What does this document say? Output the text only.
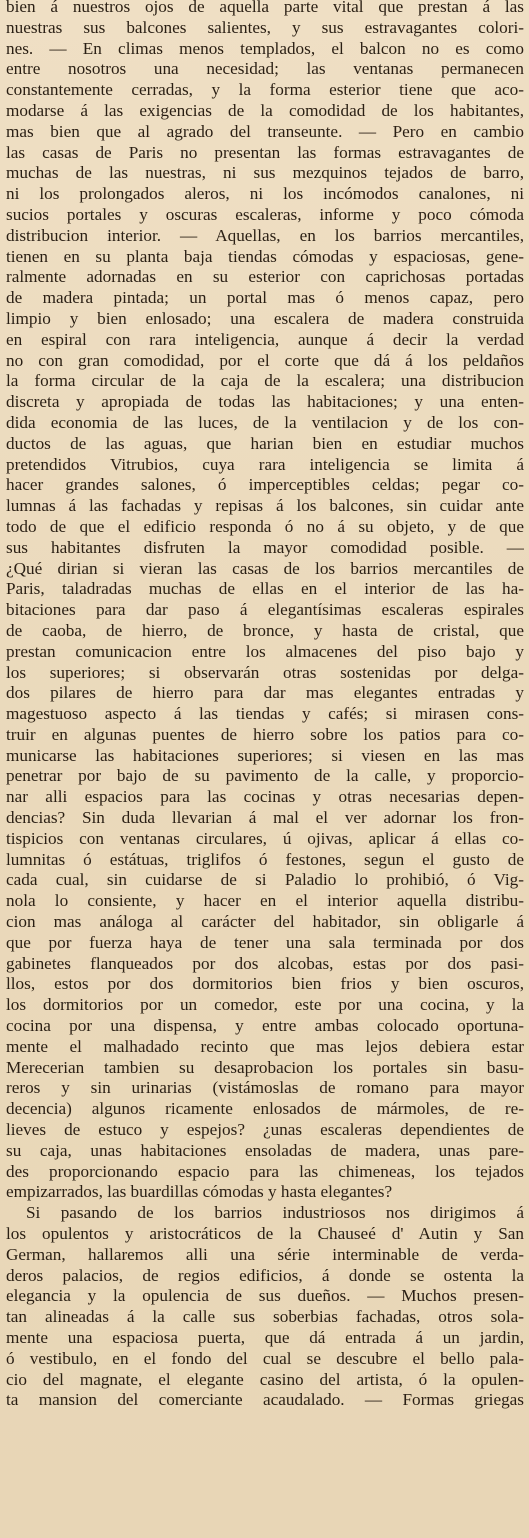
bien á nuestros ojos de aquella parte vital que prestan á las
nuestras sus balcones salientes, y sus estravagantes colori-
nes. — En climas menos templados, el balcon no es como
entre nosotros una necesidad; las ventanas permanecen
constantemente cerradas, y la forma esterior tiene que aco-
modarse á las exigencias de la comodidad de los habitantes,
mas bien que al agrado del transeunte. — Pero en cambio
las casas de Paris no presentan las formas estravagantes de
muchas de las nuestras, ni sus mezquinos tejados de barro,
ni los prolongados aleros, ni los incómodos canalones, ni
sucios portales y oscuras escaleras, informe y poco cómoda
distribucion interior. — Aquellas, en los barrios mercantiles,
tienen en su planta baja tiendas cómodas y espaciosas, gene-
ralmente adornadas en su esterior con caprichosas portadas
de madera pintada; un portal mas ó menos capaz, pero
limpio y bien enlosado; una escalera de madera construida
en espiral con rara inteligencia, aunque á decir la verdad
no con gran comodidad, por el corte que dá á los peldaños
la forma circular de la caja de la escalera; una distribucion
discreta y apropiada de todas las habitaciones; y una enten-
dida economia de las luces, de la ventilacion y de los con-
ductos de las aguas, que harian bien en estudiar muchos
pretendidos Vitrubios, cuya rara inteligencia se limita á
hacer grandes salones, ó imperceptibles celdas; pegar co-
lumnas á las fachadas y repisas á los balcones, sin cuidar ante
todo de que el edificio responda ó no á su objeto, y de que
sus habitantes disfruten la mayor comodidad posible. —
¿Qué dirian si vieran las casas de los barrios mercantiles de
Paris, taladradas muchas de ellas en el interior de las ha-
bitaciones para dar paso á elegantísimas escaleras espirales
de caoba, de hierro, de bronce, y hasta de cristal, que
prestan comunicacion entre los almacenes del piso bajo y
los superiores; si observarán otras sostenidas por delga-
dos pilares de hierro para dar mas elegantes entradas y
magestuoso aspecto á las tiendas y cafés; si mirasen cons-
truir en algunas puentes de hierro sobre los patios para co-
municarse las habitaciones superiores; si viesen en las mas
penetrar por bajo de su pavimento de la calle, y proporcio-
nar alli espacios para las cocinas y otras necesarias depen-
dencias? Sin duda llevarian á mal el ver adornar los fron-
tispicios con ventanas circulares, ú ojivas, aplicar á ellas co-
lumnitas ó estátuas, triglifos ó festones, segun el gusto de
cada cual, sin cuidarse de si Paladio lo prohibió, ó Vig-
nola lo consiente, y hacer en el interior aquella distribu-
cion mas análoga al carácter del habitador, sin obligarle á
que por fuerza haya de tener una sala terminada por dos
gabinetes flanqueados por dos alcobas, estas por dos pasi-
llos, estos por dos dormitorios bien frios y bien oscuros,
los dormitorios por un comedor, este por una cocina, y la
cocina por una dispensa, y entre ambas colocado oportuna-
mente el malhadado recinto que mas lejos debiera estar
Merecerian tambien su desaprobacion los portales sin basu-
reros y sin urinarias (vistámoslas de romano para mayor
decencia) algunos ricamente enlosados de mármoles, de re-
lieves de estuco y espejos? ¿unas escaleras dependientes de
su caja, unas habitaciones ensoladas de madera, unas pare-
des proporcionando espacio para las chimeneas, los tejados
empizarrados, las buardillas cómodas y hasta elegantes?
Si pasando de los barrios industriosos nos dirigimos á
los opulentos y aristocráticos de la Chauseé d' Autin y San
German, hallaremos alli una série interminable de verda-
deros palacios, de regios edificios, á donde se ostenta la
elegancia y la opulencia de sus dueños. — Muchos presen-
tan alineadas á la calle sus soberbias fachadas, otros sola-
mente una espaciosa puerta, que dá entrada á un jardin,
ó vestibulo, en el fondo del cual se descubre el bello pala-
cio del magnate, el elegante casino del artista, ó la opulen-
ta mansion del comerciante acaudalado. — Formas griegas
